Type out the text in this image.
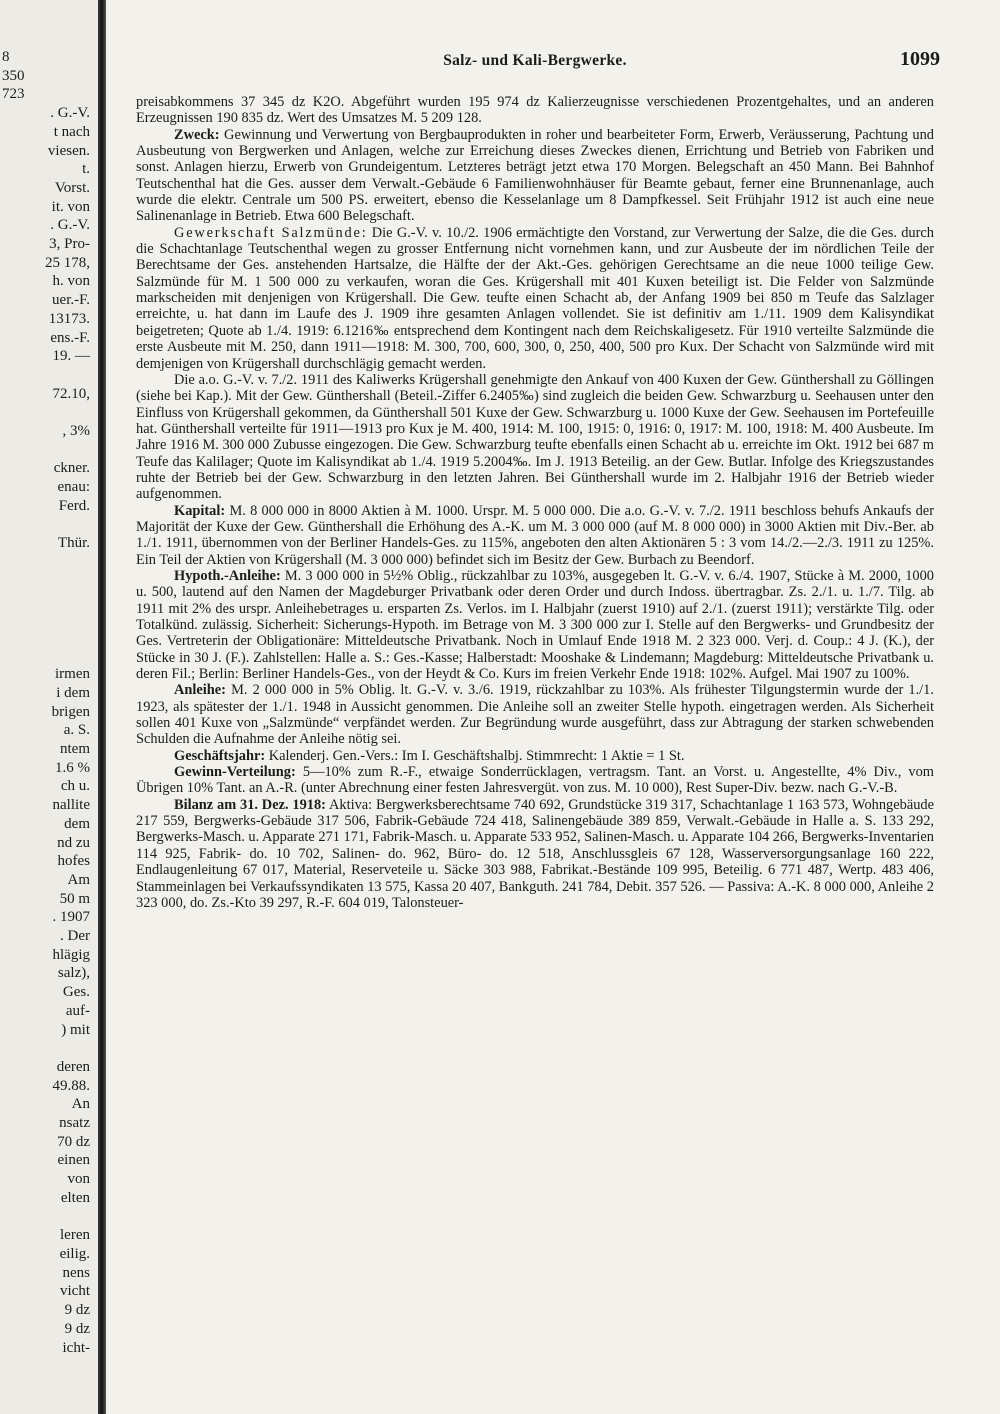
8
350
723
. G.-V.
t nach
viesen.
t.
Vorst.
it. von
. G.-V.
3, Pro-
25 178,
h. von
uer.-F.
13173.
ens.-F.
19. —

72.10,

, 3%

ckner.
enau:
Ferd.

Thür.

irmen
i dem
brigen
a. S.
ntem
1.6 %
ch u.
nallite
dem
nd zu
hofes
Am
50 m
. 1907
. Der
hlägig
salz),
Ges.
auf-
) mit

deren
49.88.
An
nsatz
70 dz
einen
von
elten

leren
eilig.
nens
vicht
9 dz
9 dz
icht-
Salz- und Kali-Bergwerke.	1099

preisabkommens 37 345 dz K2O. Abgeführt wurden 195 974 dz Kalierzeugnisse verschiedenen Prozentgehaltes, und an anderen Erzeugnissen 190 835 dz. Wert des Umsatzes M. 5 209 128.

Zweck: Gewinnung und Verwertung von Bergbauprodukten in roher und bearbeiteter Form, Erwerb, Veräusserung, Pachtung und Ausbeutung von Bergwerken und Anlagen, welche zur Erreichung dieses Zweckes dienen, Errichtung und Betrieb von Fabriken und sonst. Anlagen hierzu, Erwerb von Grundeigentum. Letzteres beträgt jetzt etwa 170 Morgen. Belegschaft an 450 Mann. Bei Bahnhof Teutschenthal hat die Ges. ausser dem Verwalt.-Gebäude 6 Familienwohnhäuser für Beamte gebaut, ferner eine Brunnenanlage, auch wurde die elektr. Centrale um 500 PS. erweitert, ebenso die Kesselanlage um 8 Dampfkessel. Seit Frühjahr 1912 ist auch eine neue Salinenanlage in Betrieb. Etwa 600 Belegschaft.

Gewerkschaft Salzmünde: Die G.-V. v. 10./2. 1906 ermächtigte den Vorstand, zur Verwertung der Salze, die die Ges. durch die Schachtanlage Teutschenthal wegen zu grosser Entfernung nicht vornehmen kann, und zur Ausbeute der im nördlichen Teile der Berechtsame der Ges. anstehenden Hartsalze, die Hälfte der der Akt.-Ges. gehörigen Gerechtsame an die neue 1000 teilige Gew. Salzmünde für M. 1 500 000 zu verkaufen, woran die Ges. Krügershall mit 401 Kuxen beteiligt ist. Die Felder von Salzmünde markscheiden mit denjenigen von Krügershall. Die Gew. teufte einen Schacht ab, der Anfang 1909 bei 850 m Teufe das Salzlager erreichte, u. hat dann im Laufe des J. 1909 ihre gesamten Anlagen vollendet. Sie ist definitiv am 1./11. 1909 dem Kalisyndikat beigetreten; Quote ab 1./4. 1919: 6.1216‰ entsprechend dem Kontingent nach dem Reichskaligesetz. Für 1910 verteilte Salzmünde die erste Ausbeute mit M. 250, dann 1911—1918: M. 300, 700, 600, 300, 0, 250, 400, 500 pro Kux. Der Schacht von Salzmünde wird mit demjenigen von Krügershall durchschlägig gemacht werden.

Die a.o. G.-V. v. 7./2. 1911 des Kaliwerks Krügershall genehmigte den Ankauf von 400 Kuxen der Gew. Günthershall zu Göllingen (siehe bei Kap.). Mit der Gew. Günthershall (Beteil.-Ziffer 6.2405‰) sind zugleich die beiden Gew. Schwarzburg u. Seehausen unter den Einfluss von Krügershall gekommen, da Günthershall 501 Kuxe der Gew. Schwarzburg u. 1000 Kuxe der Gew. Seehausen im Portefeuille hat. Günthershall verteilte für 1911—1913 pro Kux je M. 400, 1914: M. 100, 1915: 0, 1916: 0, 1917: M. 100, 1918: M. 400 Ausbeute. Im Jahre 1916 M. 300 000 Zubusse eingezogen. Die Gew. Schwarzburg teufte ebenfalls einen Schacht ab u. erreichte im Okt. 1912 bei 687 m Teufe das Kalilager; Quote im Kalisyndikat ab 1./4. 1919 5.2004‰. Im J. 1913 Beteilig. an der Gew. Butlar. Infolge des Kriegszustandes ruhte der Betrieb bei der Gew. Schwarzburg in den letzten Jahren. Bei Günthershall wurde im 2. Halbjahr 1916 der Betrieb wieder aufgenommen.

Kapital: M. 8 000 000 in 8000 Aktien à M. 1000. Urspr. M. 5 000 000. Die a.o. G.-V. v. 7./2. 1911 beschloss behufs Ankaufs der Majorität der Kuxe der Gew. Günthershall die Erhöhung des A.-K. um M. 3 000 000 (auf M. 8 000 000) in 3000 Aktien mit Div.-Ber. ab 1./1. 1911, übernommen von der Berliner Handels-Ges. zu 115%, angeboten den alten Aktionären 5 : 3 vom 14./2.—2./3. 1911 zu 125%. Ein Teil der Aktien von Krügershall (M. 3 000 000) befindet sich im Besitz der Gew. Burbach zu Beendorf.

Hypoth.-Anleihe: M. 3 000 000 in 5½% Oblig., rückzahlbar zu 103%, ausgegeben lt. G.-V. v. 6./4. 1907, Stücke à M. 2000, 1000 u. 500, lautend auf den Namen der Magdeburger Privatbank oder deren Order und durch Indoss. übertragbar. Zs. 2./1. u. 1./7. Tilg. ab 1911 mit 2% des urspr. Anleihebetrages u. ersparten Zs. Verlos. im I. Halbjahr (zuerst 1910) auf 2./1. (zuerst 1911); verstärkte Tilg. oder Totalkünd. zulässig. Sicherheit: Sicherungs-Hypoth. im Betrage von M. 3 300 000 zur I. Stelle auf den Bergwerks- und Grundbesitz der Ges. Vertreterin der Obligationäre: Mitteldeutsche Privatbank. Noch in Umlauf Ende 1918 M. 2 323 000. Verj. d. Coup.: 4 J. (K.), der Stücke in 30 J. (F.). Zahlstellen: Halle a. S.: Ges.-Kasse; Halberstadt: Mooshake & Lindemann; Magdeburg: Mitteldeutsche Privatbank u. deren Fil.; Berlin: Berliner Handels-Ges., von der Heydt & Co. Kurs im freien Verkehr Ende 1918: 102%. Aufgel. Mai 1907 zu 100%.

Anleihe: M. 2 000 000 in 5% Oblig. lt. G.-V. v. 3./6. 1919, rückzahlbar zu 103%. Als frühester Tilgungstermin wurde der 1./1. 1923, als spätester der 1./1. 1948 in Aussicht genommen. Die Anleihe soll an zweiter Stelle hypoth. eingetragen werden. Als Sicherheit sollen 401 Kuxe von „Salzmünde“ verpfändet werden. Zur Begründung wurde ausgeführt, dass zur Abtragung der starken schwebenden Schulden die Aufnahme der Anleihe nötig sei.

Geschäftsjahr: Kalenderj. Gen.-Vers.: Im I. Geschäftshalbj. Stimmrecht: 1 Aktie = 1 St.

Gewinn-Verteilung: 5—10% zum R.-F., etwaige Sonderrücklagen, vertragsm. Tant. an Vorst. u. Angestellte, 4% Div., vom Übrigen 10% Tant. an A.-R. (unter Abrechnung einer festen Jahresvergüt. von zus. M. 10 000), Rest Super-Div. bezw. nach G.-V.-B.

Bilanz am 31. Dez. 1918: Aktiva: Bergwerksberechtsame 740 692, Grundstücke 319 317, Schachtanlage 1 163 573, Wohngebäude 217 559, Bergwerks-Gebäude 317 506, Fabrik-Gebäude 724 418, Salinengebäude 389 859, Verwalt.-Gebäude in Halle a. S. 133 292, Bergwerks-Masch. u. Apparate 271 171, Fabrik-Masch. u. Apparate 533 952, Salinen-Masch. u. Apparate 104 266, Bergwerks-Inventarien 114 925, Fabrik- do. 10 702, Salinen- do. 962, Büro- do. 12 518, Anschlussgleis 67 128, Wasserversorgungsanlage 160 222, Endlaugenleitung 67 017, Material, Reserveteile u. Säcke 303 988, Fabrikat.-Bestände 109 995, Beteilig. 6 771 487, Wertp. 483 406, Stammeinlagen bei Verkaufssyndikaten 13 575, Kassa 20 407, Bankguth. 241 784, Debit. 357 526. — Passiva: A.-K. 8 000 000, Anleihe 2 323 000, do. Zs.-Kto 39 297, R.-F. 604 019, Talonsteuer-
